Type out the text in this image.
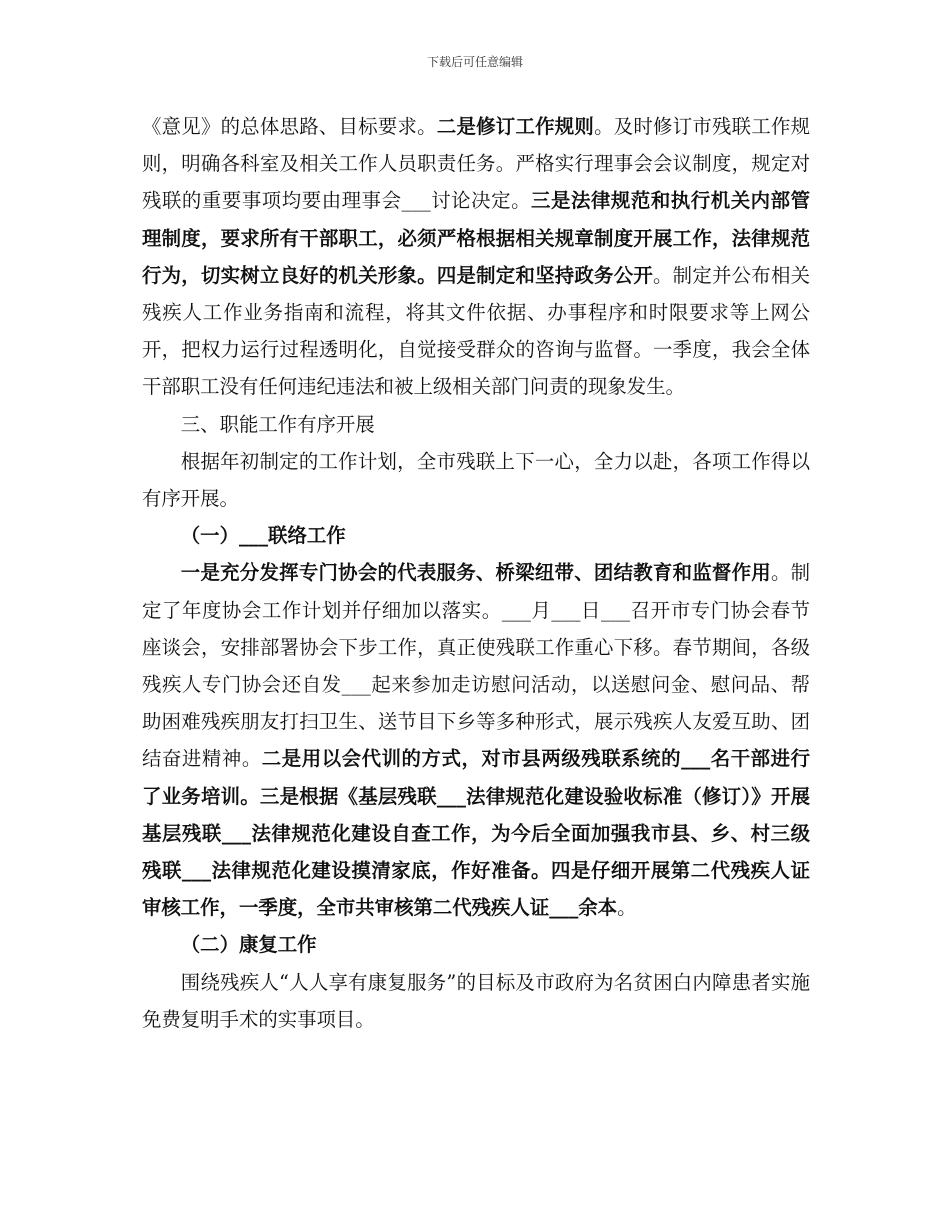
下载后可任意编辑

《意见》的总体思路、目标要求。二是修订工作规则。及时修订市残联工作规则，明确各科室及相关工作人员职责任务。严格实行理事会会议制度，规定对残联的重要事项均要由理事会___讨论决定。三是法律规范和执行机关内部管理制度，要求所有干部职工，必须严格根据相关规章制度开展工作，法律规范行为，切实树立良好的机关形象。四是制定和坚持政务公开。制定并公布相关残疾人工作业务指南和流程，将其文件依据、办事程序和时限要求等上网公开，把权力运行过程透明化，自觉接受群众的咨询与监督。一季度，我会全体干部职工没有任何违纪违法和被上级相关部门问责的现象发生。

三、职能工作有序开展

根据年初制定的工作计划，全市残联上下一心，全力以赴，各项工作得以有序开展。

（一）___联络工作

一是充分发挥专门协会的代表服务、桥梁纽带、团结教育和监督作用。制定了年度协会工作计划并仔细加以落实。___月___日___召开市专门协会春节座谈会，安排部署协会下步工作，真正使残联工作重心下移。春节期间，各级残疾人专门协会还自发___起来参加走访慰问活动，以送慰问金、慰问品、帮助困难残疾朋友打扫卫生、送节目下乡等多种形式，展示残疾人友爱互助、团结奋进精神。二是用以会代训的方式，对市县两级残联系统的___名干部进行了业务培训。三是根据《基层残联___法律规范化建设验收标准（修订）》开展基层残联___法律规范化建设自查工作，为今后全面加强我市县、乡、村三级残联___法律规范化建设摸清家底，作好准备。四是仔细开展第二代残疾人证审核工作，一季度，全市共审核第二代残疾人证___余本。

（二）康复工作

围绕残疾人“人人享有康复服务”的目标及市政府为名贫困白内障患者实施免费复明手术的实事项目。
